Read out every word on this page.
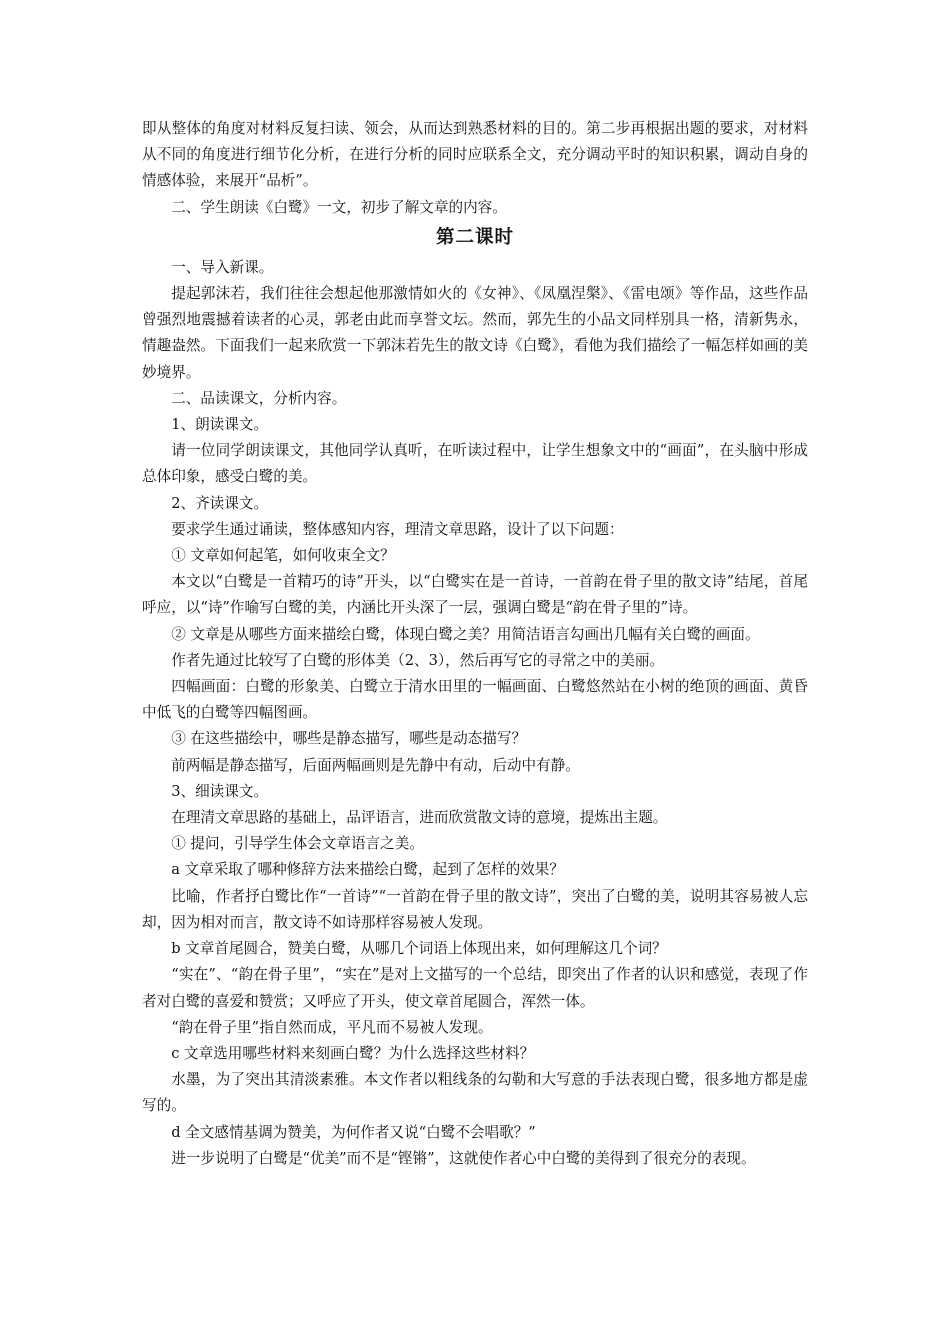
即从整体的角度对材料反复扫读、领会，从而达到熟悉材料的目的。第二步再根据出题的要求，对材料从不同的角度进行细节化分析，在进行分析的同时应联系全文，充分调动平时的知识积累，调动自身的情感体验，来展开“品析”。

二、学生朗读《白鹭》一文，初步了解文章的内容。

第二课时

一、导入新课。

提起郭沫若，我们往往会想起他那激情如火的《女神》、《凤凰涅槃》、《雷电颂》等作品，这些作品曾强烈地震撼着读者的心灵，郭老由此而享誉文坛。然而，郭先生的小品文同样别具一格，清新隽永，情趣盎然。下面我们一起来欣赏一下郭沫若先生的散文诗《白鹭》，看他为我们描绘了一幅怎样如画的美妙境界。

二、品读课文，分析内容。

1、朗读课文。

请一位同学朗读课文，其他同学认真听，在听读过程中，让学生想象文中的“画面”，在头脑中形成总体印象，感受白鹭的美。

2、齐读课文。

要求学生通过诵读，整体感知内容，理清文章思路，设计了以下问题：

① 文章如何起笔，如何收束全文？

本文以“白鹭是一首精巧的诗”开头，以“白鹭实在是一首诗，一首韵在骨子里的散文诗”结尾，首尾呼应，以“诗”作喻写白鹭的美，内涵比开头深了一层，强调白鹭是“韵在骨子里的”诗。

② 文章是从哪些方面来描绘白鹭，体现白鹭之美？用简洁语言勾画出几幅有关白鹭的画面。

作者先通过比较写了白鹭的形体美（2、3），然后再写它的寻常之中的美丽。

四幅画面：白鹭的形象美、白鹭立于清水田里的一幅画面、白鹭悠然站在小树的绝顶的画面、黄昏中低飞的白鹭等四幅图画。

③ 在这些描绘中，哪些是静态描写，哪些是动态描写？

前两幅是静态描写，后面两幅画则是先静中有动，后动中有静。

3、细读课文。

在理清文章思路的基础上，品评语言，进而欣赏散文诗的意境，提炼出主题。

① 提问，引导学生体会文章语言之美。

a 文章采取了哪种修辞方法来描绘白鹭，起到了怎样的效果？

比喻，作者抒白鹭比作“一首诗”“一首韵在骨子里的散文诗”，突出了白鹭的美，说明其容易被人忘却，因为相对而言，散文诗不如诗那样容易被人发现。

b 文章首尾圆合，赞美白鹭，从哪几个词语上体现出来，如何理解这几个词？

“实在”、“韵在骨子里”，“实在”是对上文描写的一个总结，即突出了作者的认识和感觉，表现了作者对白鹭的喜爱和赞赏；又呼应了开头，使文章首尾圆合，浑然一体。

“韵在骨子里”指自然而成，平凡而不易被人发现。

c 文章选用哪些材料来刻画白鹭？为什么选择这些材料？

水墨，为了突出其清淡素雅。本文作者以粗线条的勾勒和大写意的手法表现白鹭，很多地方都是虚写的。

d 全文感情基调为赞美，为何作者又说“白鹭不会唱歌？”

进一步说明了白鹭是“优美”而不是“铿锵”，这就使作者心中白鹭的美得到了很充分的表现。
